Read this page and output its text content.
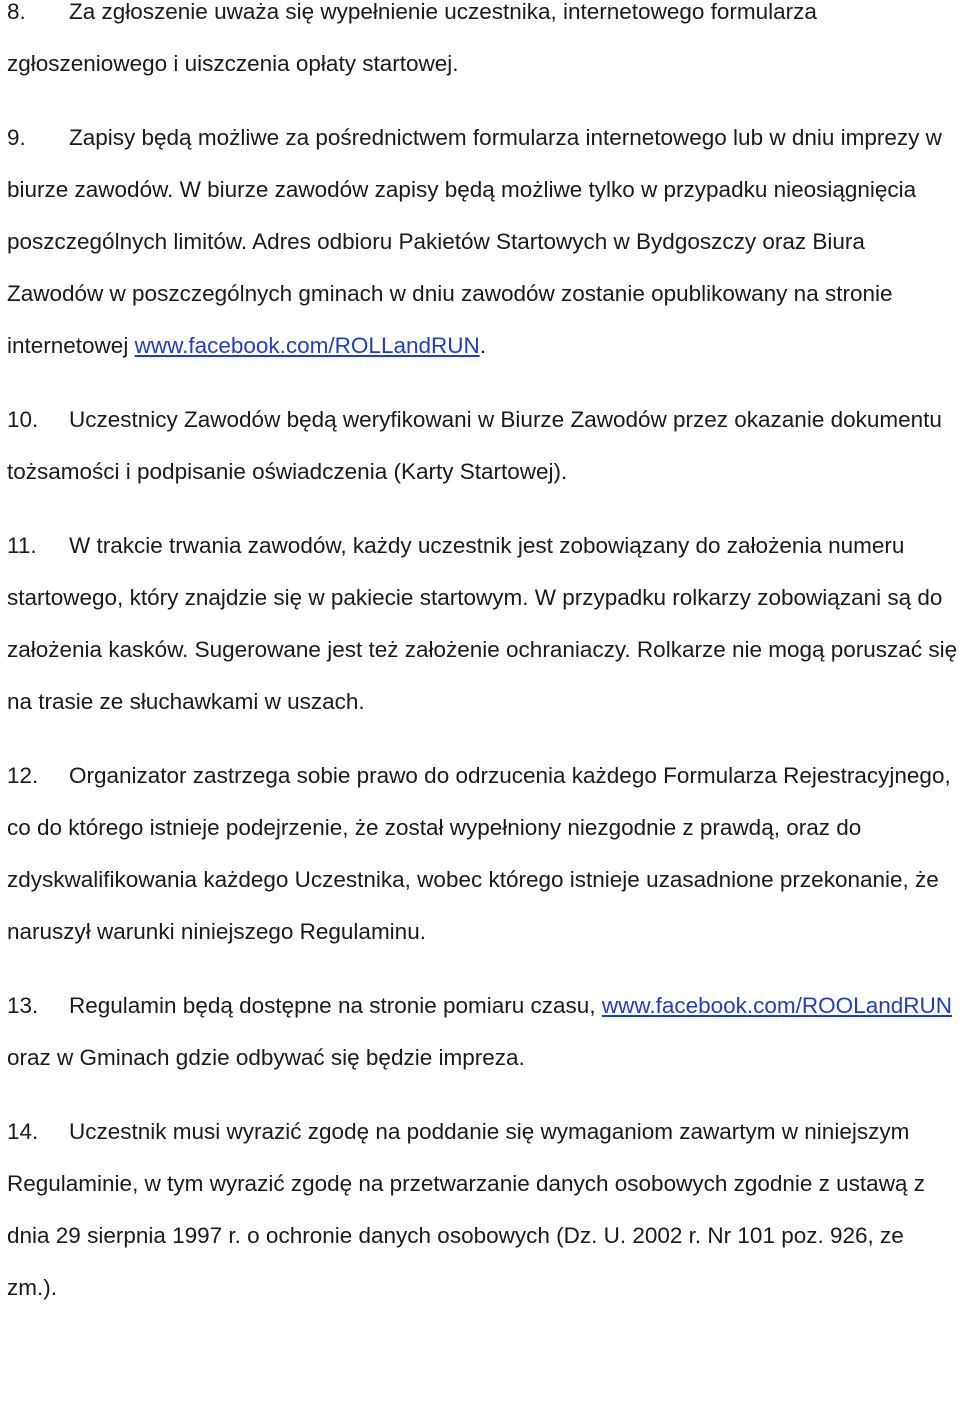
8. Za zgłoszenie uważa się wypełnienie uczestnika, internetowego formularza zgłoszeniowego i uiszczenia opłaty startowej.

9. Zapisy będą możliwe za pośrednictwem formularza internetowego lub w dniu imprezy w biurze zawodów. W biurze zawodów zapisy będą możliwe tylko w przypadku nieosiągnięcia poszczególnych limitów. Adres odbioru Pakietów Startowych w Bydgoszczy oraz Biura Zawodów w poszczególnych gminach w dniu zawodów zostanie opublikowany na stronie internetowej www.facebook.com/ROLLandRUN.

10. Uczestnicy Zawodów będą weryfikowani w Biurze Zawodów przez okazanie dokumentu tożsamości i podpisanie oświadczenia (Karty Startowej).

11. W trakcie trwania zawodów, każdy uczestnik jest zobowiązany do założenia numeru startowego, który znajdzie się w pakiecie startowym. W przypadku rolkarzy zobowiązani są do założenia kasków. Sugerowane jest też założenie ochraniaczy. Rolkarze nie mogą poruszać się na trasie ze słuchawkami w uszach.

12. Organizator zastrzega sobie prawo do odrzucenia każdego Formularza Rejestracyjnego, co do którego istnieje podejrzenie, że został wypełniony niezgodnie z prawdą, oraz do zdyskwalifikowania każdego Uczestnika, wobec którego istnieje uzasadnione przekonanie, że naruszył warunki niniejszego Regulaminu.

13. Regulamin będą dostępne na stronie pomiaru czasu, www.facebook.com/ROOLandRUN oraz w Gminach gdzie odbywać się będzie impreza.

14. Uczestnik musi wyrazić zgodę na poddanie się wymaganiom zawartym w niniejszym Regulaminie, w tym wyrazić zgodę na przetwarzanie danych osobowych zgodnie z ustawą z dnia 29 sierpnia 1997 r. o ochronie danych osobowych (Dz. U. 2002 r. Nr 101 poz. 926, ze zm.).
